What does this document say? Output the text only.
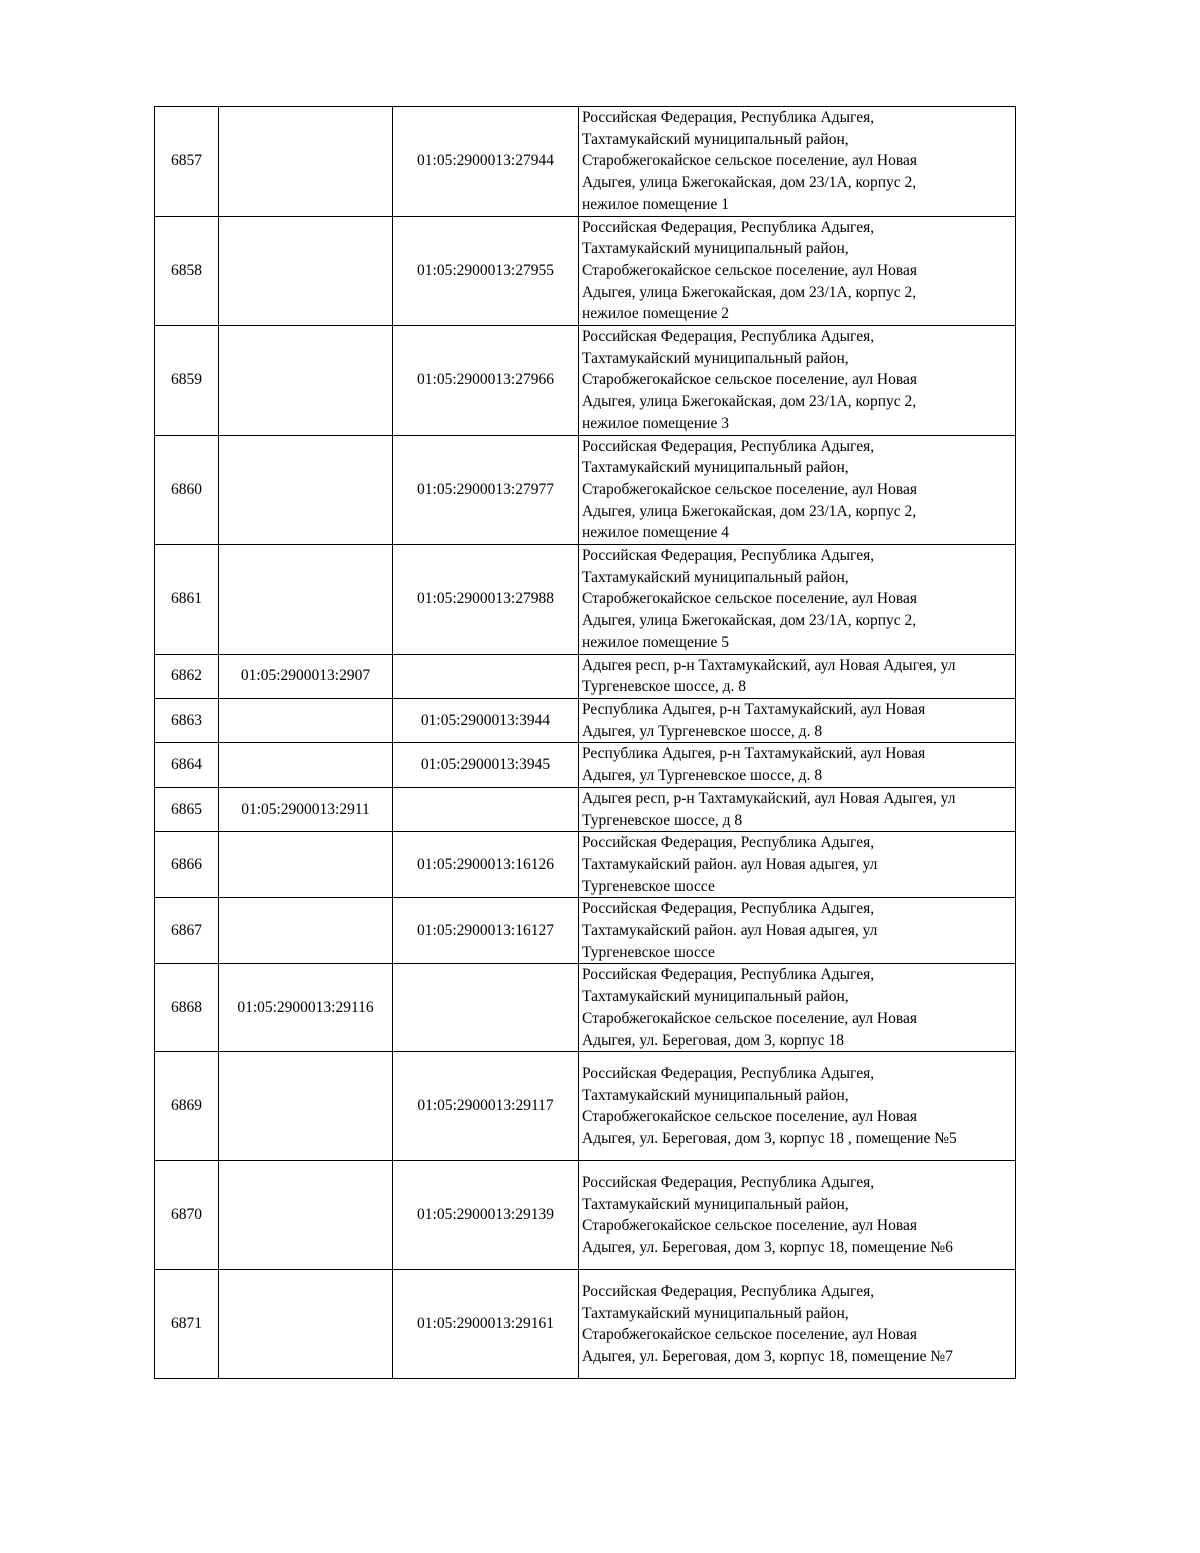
6857		01:05:2900013:27944	Российская Федерация, Республика Адыгея,
Тахтамукайский муниципальный район,
Старобжегокайское сельское поселение, аул Новая
Адыгея, улица Бжегокайская, дом 23/1А, корпус 2,
нежилое помещение 1
6858		01:05:2900013:27955	Российская Федерация, Республика Адыгея,
Тахтамукайский муниципальный район,
Старобжегокайское сельское поселение, аул Новая
Адыгея, улица Бжегокайская, дом 23/1А, корпус 2,
нежилое помещение 2
6859		01:05:2900013:27966	Российская Федерация, Республика Адыгея,
Тахтамукайский муниципальный район,
Старобжегокайское сельское поселение, аул Новая
Адыгея, улица Бжегокайская, дом 23/1А, корпус 2,
нежилое помещение 3
6860		01:05:2900013:27977	Российская Федерация, Республика Адыгея,
Тахтамукайский муниципальный район,
Старобжегокайское сельское поселение, аул Новая
Адыгея, улица Бжегокайская, дом 23/1А, корпус 2,
нежилое помещение 4
6861		01:05:2900013:27988	Российская Федерация, Республика Адыгея,
Тахтамукайский муниципальный район,
Старобжегокайское сельское поселение, аул Новая
Адыгея, улица Бжегокайская, дом 23/1А, корпус 2,
нежилое помещение 5
6862	01:05:2900013:2907		Адыгея респ, р-н Тахтамукайский, аул Новая Адыгея, ул
Тургеневское шоссе, д. 8
6863		01:05:2900013:3944	Республика Адыгея, р-н Тахтамукайский, аул Новая
Адыгея, ул Тургеневское шоссе, д. 8
6864		01:05:2900013:3945	Республика Адыгея, р-н Тахтамукайский, аул Новая
Адыгея, ул Тургеневское шоссе, д. 8
6865	01:05:2900013:2911		Адыгея респ, р-н Тахтамукайский, аул Новая Адыгея, ул
Тургеневское шоссе, д 8
6866		01:05:2900013:16126	Российская Федерация, Республика Адыгея,
Тахтамукайский район. аул Новая адыгея, ул
Тургеневское шоссе
6867		01:05:2900013:16127	Российская Федерация, Республика Адыгея,
Тахтамукайский район. аул Новая адыгея, ул
Тургеневское шоссе
6868	01:05:2900013:29116		Российская Федерация, Республика Адыгея,
Тахтамукайский муниципальный район,
Старобжегокайское сельское поселение, аул Новая
Адыгея, ул. Береговая, дом 3, корпус 18
6869		01:05:2900013:29117	Российская Федерация, Республика Адыгея,
Тахтамукайский муниципальный район,
Старобжегокайское сельское поселение, аул Новая
Адыгея, ул. Береговая, дом 3, корпус 18 , помещение №5
6870		01:05:2900013:29139	Российская Федерация, Республика Адыгея,
Тахтамукайский муниципальный район,
Старобжегокайское сельское поселение, аул Новая
Адыгея, ул. Береговая, дом 3, корпус 18, помещение №6
6871		01:05:2900013:29161	Российская Федерация, Республика Адыгея,
Тахтамукайский муниципальный район,
Старобжегокайское сельское поселение, аул Новая
Адыгея, ул. Береговая, дом 3, корпус 18, помещение №7
